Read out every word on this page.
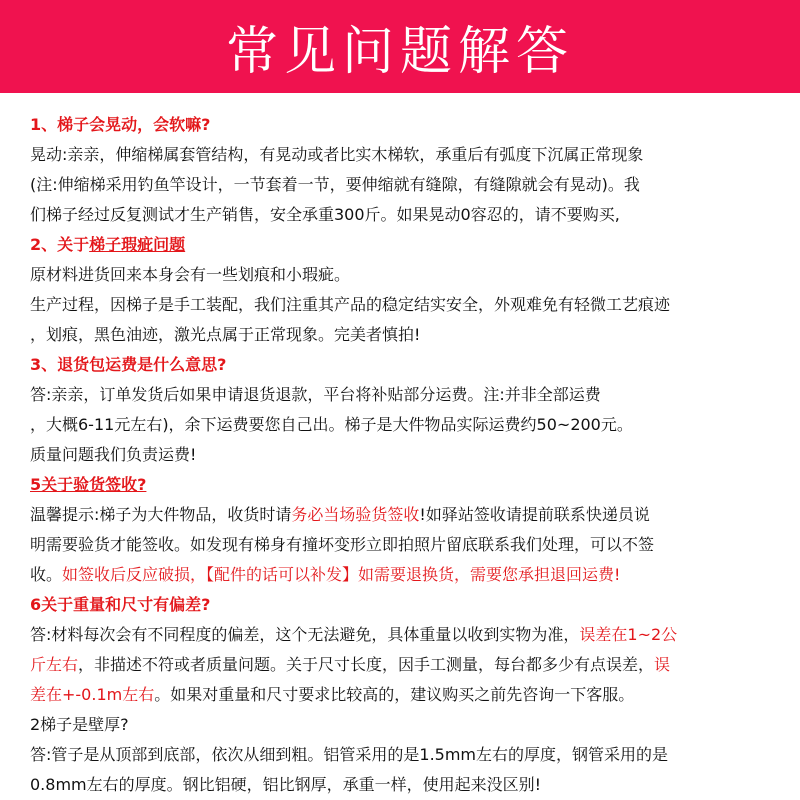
常见问题解答
1、梯子会晃动，会软嘛?
晃动:亲亲，伸缩梯属套管结构，有晃动或者比实木梯软，承重后有弧度下沉属正常现象
(注:伸缩梯采用钓鱼竿设计，一节套着一节，要伸缩就有缝隙，有缝隙就会有晃动)。我
们梯子经过反复测试才生产销售，安全承重300斤。如果晃动0容忍的，请不要购买,
2、关于梯子瑕疵问题
原材料进货回来本身会有一些划痕和小瑕疵。
生产过程，因梯子是手工装配，我们注重其产品的稳定结实安全，外观难免有轻微工艺痕迹
，划痕，黑色油迹，激光点属于正常现象。完美者慎拍!
3、退货包运费是什么意思?
答:亲亲，订单发货后如果申请退货退款，平台将补贴部分运费。注:并非全部运费
，大概6-11元左右)，余下运费要您自己出。梯子是大件物品实际运费约50~200元。
质量问题我们负责运费!
5关于验货签收?
温馨提示:梯子为大件物品，收货时请务必当场验货签收!如驿站签收请提前联系快递员说
明需要验货才能签收。如发现有梯身有撞坏变形立即拍照片留底联系我们处理，可以不签
收。如签收后反应破损，【配件的话可以补发】如需要退换货，需要您承担退回运费!
6关于重量和尺寸有偏差?
答:材料每次会有不同程度的偏差，这个无法避免，具体重量以收到实物为准，误差在1~2公
斤左右，非描述不符或者质量问题。关于尺寸长度，因手工测量，每台都多少有点误差，误
差在+-0.1m左右。如果对重量和尺寸要求比较高的，建议购买之前先咨询一下客服。
2梯子是壁厚?
答:管子是从顶部到底部，依次从细到粗。铝管采用的是1.5mm左右的厚度，钢管采用的是
0.8mm左右的厚度。钢比铝硬，铝比钢厚，承重一样，使用起来没区别!
